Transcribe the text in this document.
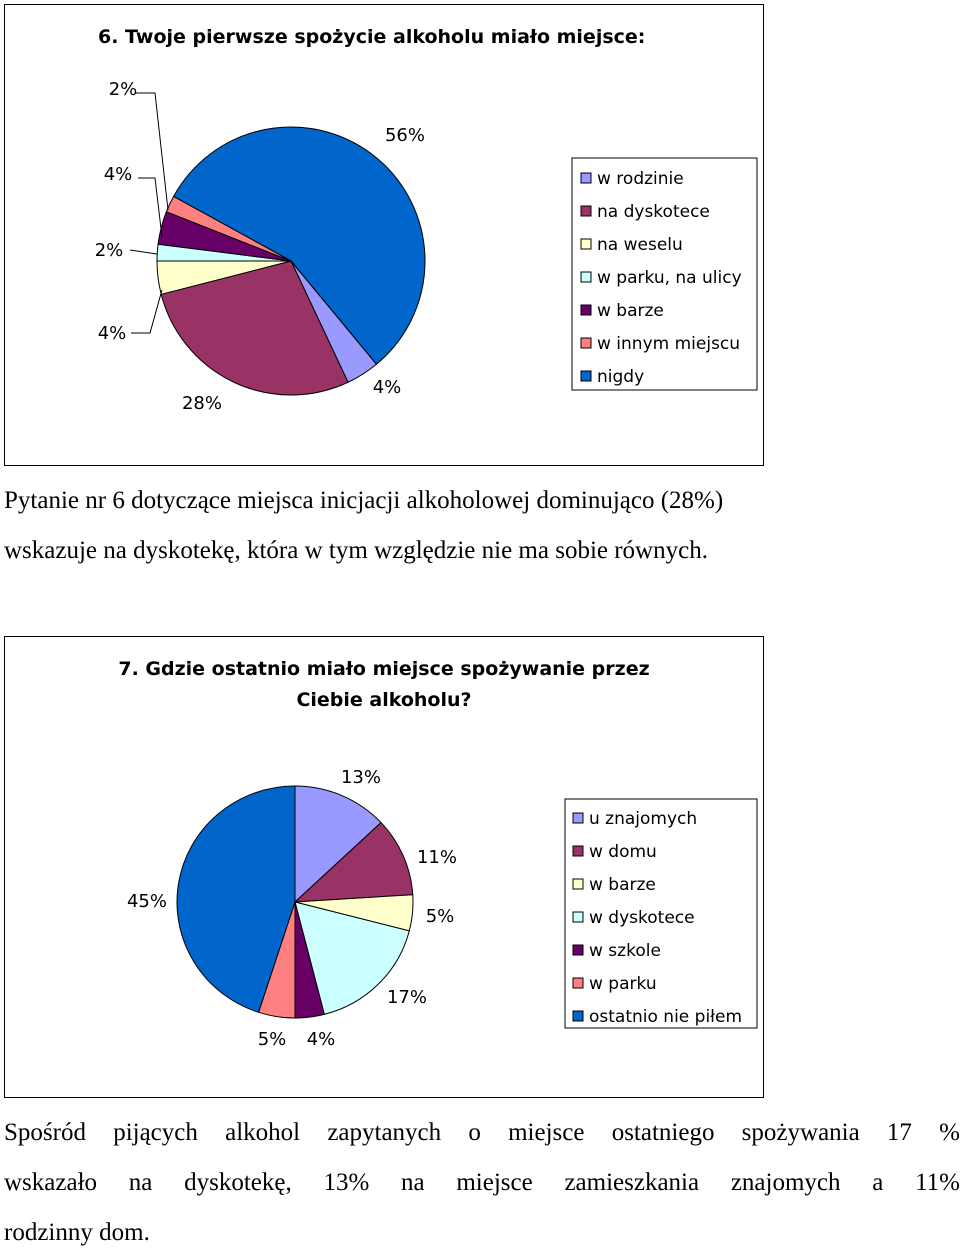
6. Twoje pierwsze spożycie alkoholu miało miejsce:
4%
28%
4%
2%
4%
2%
56%
w rodzinie
na dyskotece
na weselu
w parku, na ulicy
w barze
w innym miejscu
nigdy

Pytanie nr 6 dotyczące miejsca inicjacji alkoholowej dominująco (28%)
wskazuje na dyskotekę, która w tym względzie nie ma sobie równych.

7. Gdzie ostatnio miało miejsce spożywanie przez
Ciebie alkoholu?
13%
11%
5%
17%
4%
5%
45%
u znajomych
w domu
w barze
w dyskotece
w szkole
w parku
ostatnio nie piłem

Spośród pijących alkohol zapytanych o miejsce ostatniego spożywania 17 %
wskazało na dyskotekę, 13% na miejsce zamieszkania znajomych a 11%
rodzinny dom.
